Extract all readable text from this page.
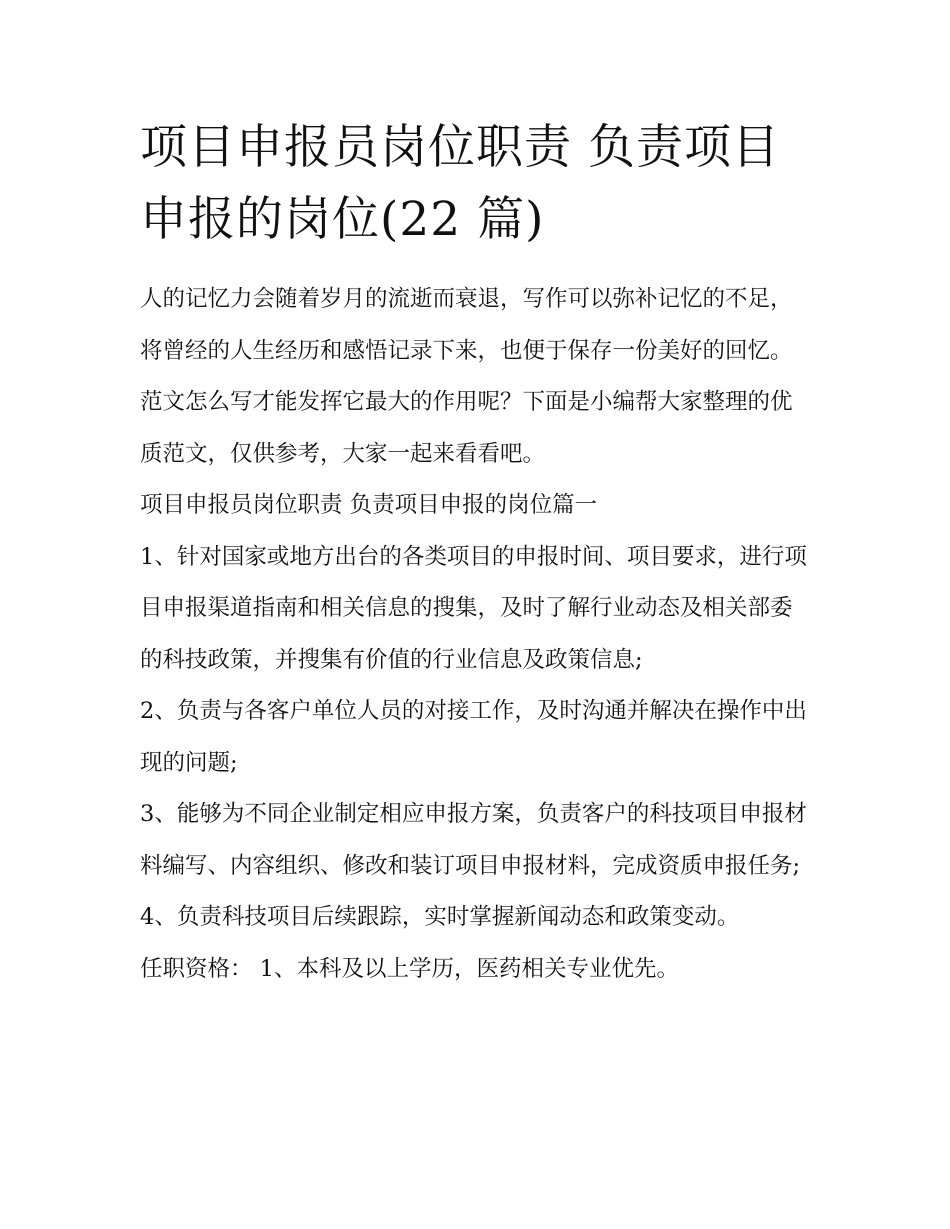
项目申报员岗位职责 负责项目申报的岗位(22 篇)

人的记忆力会随着岁月的流逝而衰退，写作可以弥补记忆的不足，将曾经的人生经历和感悟记录下来，也便于保存一份美好的回忆。范文怎么写才能发挥它最大的作用呢？下面是小编帮大家整理的优质范文，仅供参考，大家一起来看看吧。

项目申报员岗位职责 负责项目申报的岗位篇一

1、针对国家或地方出台的各类项目的申报时间、项目要求，进行项目申报渠道指南和相关信息的搜集，及时了解行业动态及相关部委的科技政策，并搜集有价值的行业信息及政策信息;

2、负责与各客户单位人员的对接工作，及时沟通并解决在操作中出现的问题;

3、能够为不同企业制定相应申报方案，负责客户的科技项目申报材料编写、内容组织、修改和装订项目申报材料，完成资质申报任务;

4、负责科技项目后续跟踪，实时掌握新闻动态和政策变动。

任职资格： 1、本科及以上学历，医药相关专业优先。
